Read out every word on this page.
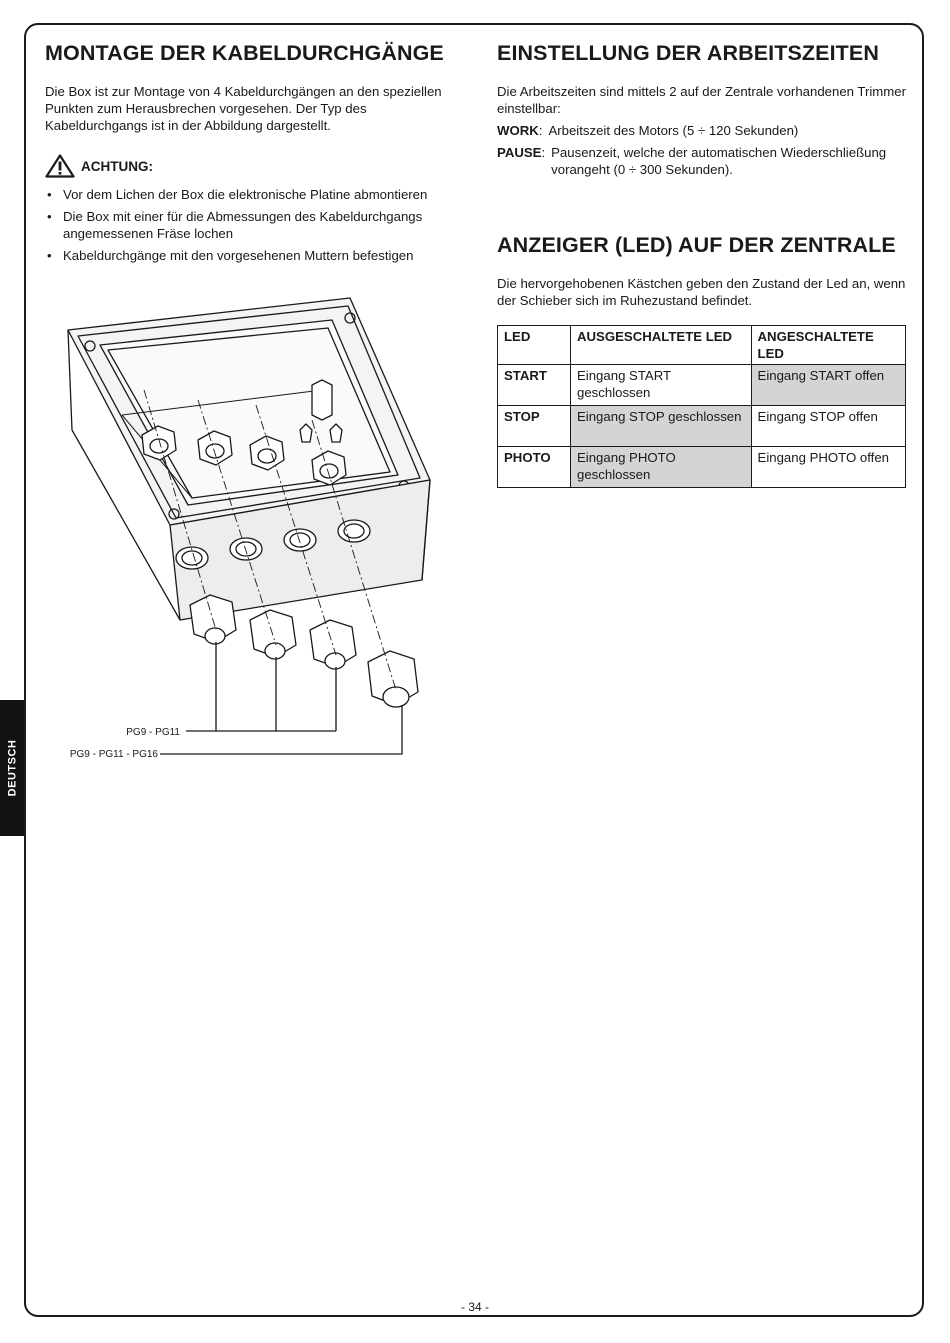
DEUTSCH
MONTAGE DER KABELDURCHGÄNGE

Die Box ist zur Montage von 4 Kabeldurchgängen an den speziellen Punkten zum Herausbrechen vorgesehen. Der Typ des Kabeldurchgangs ist in der Abbildung dargestellt.

ACHTUNG:
• Vor dem Lichen der Box die elektronische Platine abmontieren
• Die Box mit einer für die Abmessungen des Kabeldurchgangs angemessenen Fräse lochen
• Kabeldurchgänge mit den vorgesehenen Muttern befestigen
PG9 - PG11
PG9 - PG11 - PG16
EINSTELLUNG DER ARBEITSZEITEN

Die Arbeitszeiten sind mittels 2 auf der Zentrale vorhandenen Trimmer einstellbar:

WORK : Arbeitszeit des Motors (5 ÷ 120 Sekunden)
PAUSE : Pausenzeit, welche der automatischen Wiederschließung vorangeht (0 ÷ 300 Sekunden).
ANZEIGER (LED) AUF DER ZENTRALE

Die hervorgehobenen Kästchen geben den Zustand der Led an, wenn der Schieber sich im Ruhezustand befindet.

LED	AUSGESCHALTETE LED	ANGESCHALTETE LED
START	Eingang START geschlossen	Eingang START offen
STOP	Eingang STOP geschlossen	Eingang STOP offen
PHOTO	Eingang PHOTO geschlossen	Eingang PHOTO offen
- 34 -
